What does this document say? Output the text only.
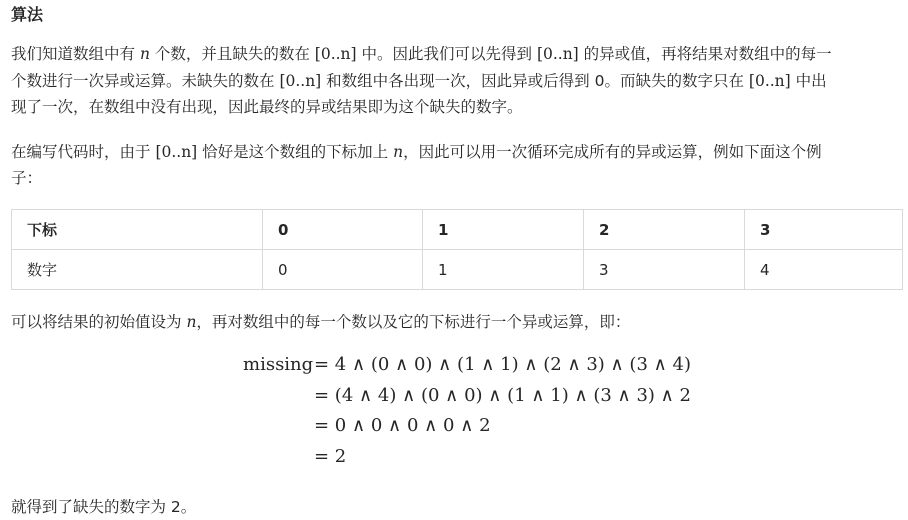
算法
我们知道数组中有 n 个数，并且缺失的数在 [0..n] 中。因此我们可以先得到 [0..n] 的异或值，再将结果对数组中的每一
个数进行一次异或运算。未缺失的数在 [0..n] 和数组中各出现一次，因此异或后得到 0。而缺失的数字只在 [0..n] 中出
现了一次，在数组中没有出现，因此最终的异或结果即为这个缺失的数字。
在编写代码时，由于 [0..n] 恰好是这个数组的下标加上 n，因此可以用一次循环完成所有的异或运算，例如下面这个例
子：
下标	0	1	2	3
数字	0	1	3	4
可以将结果的初始值设为 n，再对数组中的每一个数以及它的下标进行一个异或运算，即：
missing = 4 ∧ (0 ∧ 0) ∧ (1 ∧ 1) ∧ (2 ∧ 3) ∧ (3 ∧ 4)
= (4 ∧ 4) ∧ (0 ∧ 0) ∧ (1 ∧ 1) ∧ (3 ∧ 3) ∧ 2
= 0 ∧ 0 ∧ 0 ∧ 0 ∧ 2
= 2
就得到了缺失的数字为 2。
